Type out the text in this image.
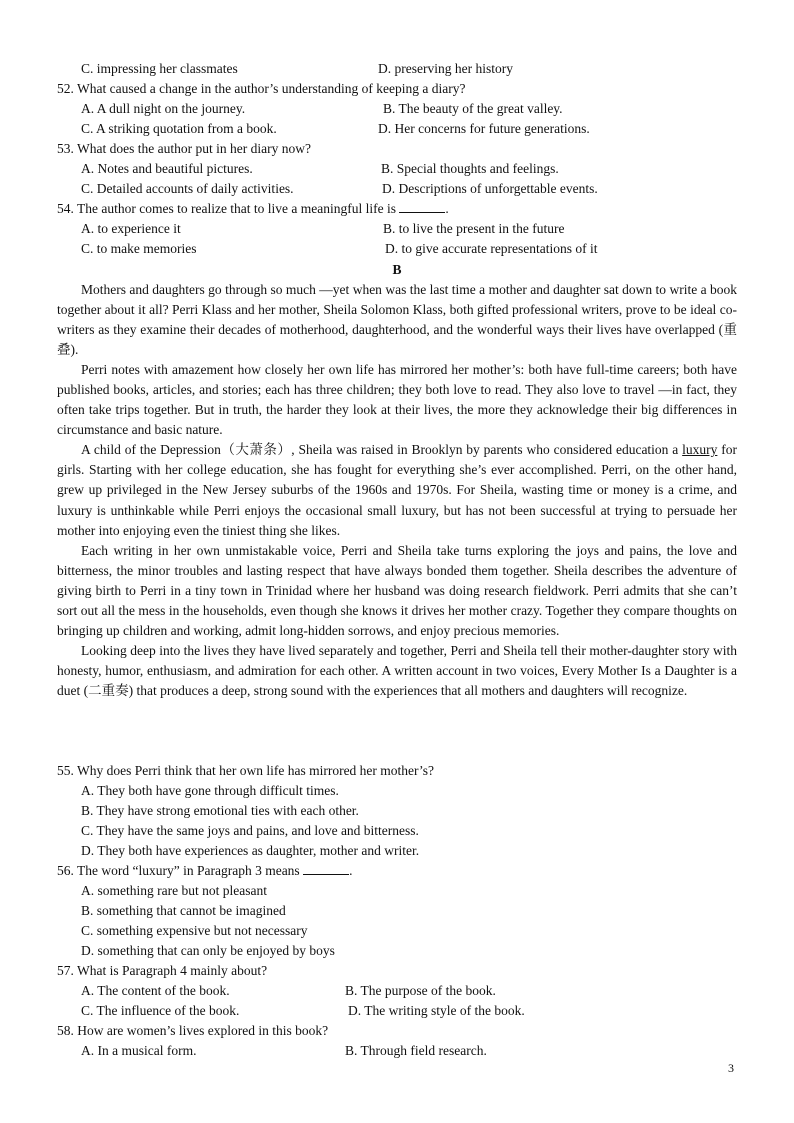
C. impressing her classmates	D. preserving her history
52. What caused a change in the author’s understanding of keeping a diary?
A. A dull night on the journey.	B. The beauty of the great valley.
C. A striking quotation from a book.	D. Her concerns for future generations.
53. What does the author put in her diary now?
A. Notes and beautiful pictures.	B. Special thoughts and feelings.
C. Detailed accounts of daily activities.	D. Descriptions of unforgettable events.
54. The author comes to realize that to live a meaningful life is	.
A. to experience it	B. to live the present in the future
C. to make memories	D. to give accurate representations of it
B

Mothers and daughters go through so much —yet when was the last time a mother and daughter sat down to write a book together about it all? Perri Klass and her mother, Sheila Solomon Klass, both gifted professional writers, prove to be ideal co-writers as they examine their decades of motherhood, daughterhood, and the wonderful ways their lives have overlapped (重叠).

Perri notes with amazement how closely her own life has mirrored her mother’s: both have full-time careers; both have published books, articles, and stories; each has three children; they both love to read. They also love to travel —in fact, they often take trips together. But in truth, the harder they look at their lives, the more they acknowledge their big differences in circumstance and basic nature.

A child of the Depression（大萧条）, Sheila was raised in Brooklyn by parents who considered education a luxury for girls. Starting with her college education, she has fought for everything she’s ever accomplished. Perri, on the other hand, grew up privileged in the New Jersey suburbs of the 1960s and 1970s. For Sheila, wasting time or money is a crime, and luxury is unthinkable while Perri enjoys the occasional small luxury, but has not been successful at trying to persuade her mother into enjoying even the tiniest thing she likes.

Each writing in her own unmistakable voice, Perri and Sheila take turns exploring the joys and pains, the love and bitterness, the minor troubles and lasting respect that have always bonded them together. Sheila describes the adventure of giving birth to Perri in a tiny town in Trinidad where her husband was doing research fieldwork. Perri admits that she can’t sort out all the mess in the households, even though she knows it drives her mother crazy. Together they compare thoughts on bringing up children and working, admit long-hidden sorrows, and enjoy precious memories.

Looking deep into the lives they have lived separately and together, Perri and Sheila tell their mother-daughter story with honesty, humor, enthusiasm, and admiration for each other. A written account in two voices, Every Mother Is a Daughter is a duet (二重奏) that produces a deep, strong sound with the experiences that all mothers and daughters will recognize.

55. Why does Perri think that her own life has mirrored her mother’s?
A. They both have gone through difficult times.
B. They have strong emotional ties with each other.
C. They have the same joys and pains, and love and bitterness.
D. They both have experiences as daughter, mother and writer.
56. The word “luxury” in Paragraph 3 means	.
A. something rare but not pleasant
B. something that cannot be imagined
C. something expensive but not necessary
D. something that can only be enjoyed by boys
57. What is Paragraph 4 mainly about?
A. The content of the book.	B. The purpose of the book.
C. The influence of the book.	D. The writing style of the book.
58. How are women’s lives explored in this book?
A. In a musical form.	B. Through field research.
3
